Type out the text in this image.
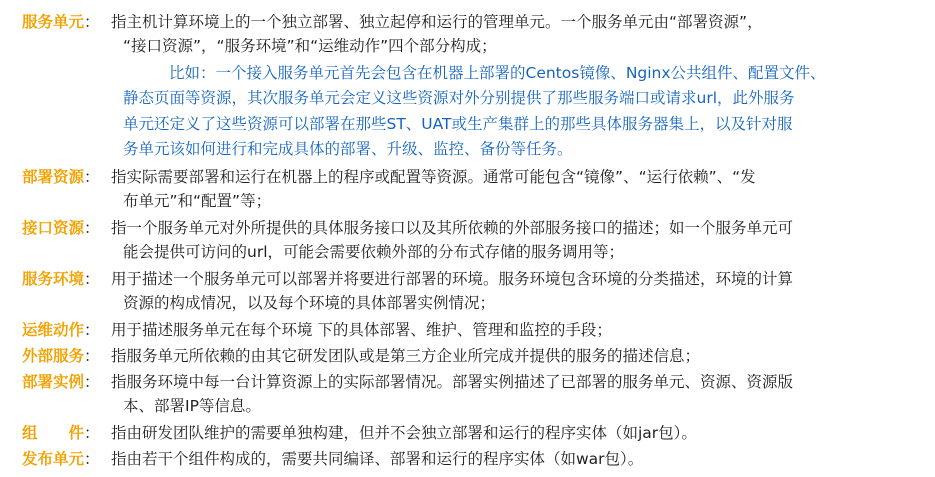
服务单元： 指主机计算环境上的一个独立部署、独立起停和运行的管理单元。一个服务单元由“部署资源”，
“接口资源”，“服务环境”和“运维动作”四个部分构成；
比如：一个接入服务单元首先会包含在机器上部署的Centos镜像、Nginx公共组件、配置文件、
静态页面等资源，其次服务单元会定义这些资源对外分别提供了那些服务端口或请求url，此外服务
单元还定义了这些资源可以部署在那些ST、UAT或生产集群上的那些具体服务器集上，以及针对服
务单元该如何进行和完成具体的部署、升级、监控、备份等任务。
部署资源： 指实际需要部署和运行在机器上的程序或配置等资源。通常可能包含“镜像”、“运行依赖”、“发
布单元”和“配置”等；
接口资源： 指一个服务单元对外所提供的具体服务接口以及其所依赖的外部服务接口的描述；如一个服务单元可
能会提供可访问的url，可能会需要依赖外部的分布式存储的服务调用等；
服务环境： 用于描述一个服务单元可以部署并将要进行部署的环境。服务环境包含环境的分类描述，环境的计算
资源的构成情况，以及每个环境的具体部署实例情况；
运维动作： 用于描述服务单元在每个环境 下的具体部署、维护、管理和监控的手段；
外部服务： 指服务单元所依赖的由其它研发团队或是第三方企业所完成并提供的服务的描述信息；
部署实例： 指服务环境中每一台计算资源上的实际部署情况。部署实例描述了已部署的服务单元、资源、资源版
本、部署IP等信息。
组　　件： 指由研发团队维护的需要单独构建，但并不会独立部署和运行的程序实体（如jar包）。
发布单元： 指由若干个组件构成的，需要共同编译、部署和运行的程序实体（如war包）。
